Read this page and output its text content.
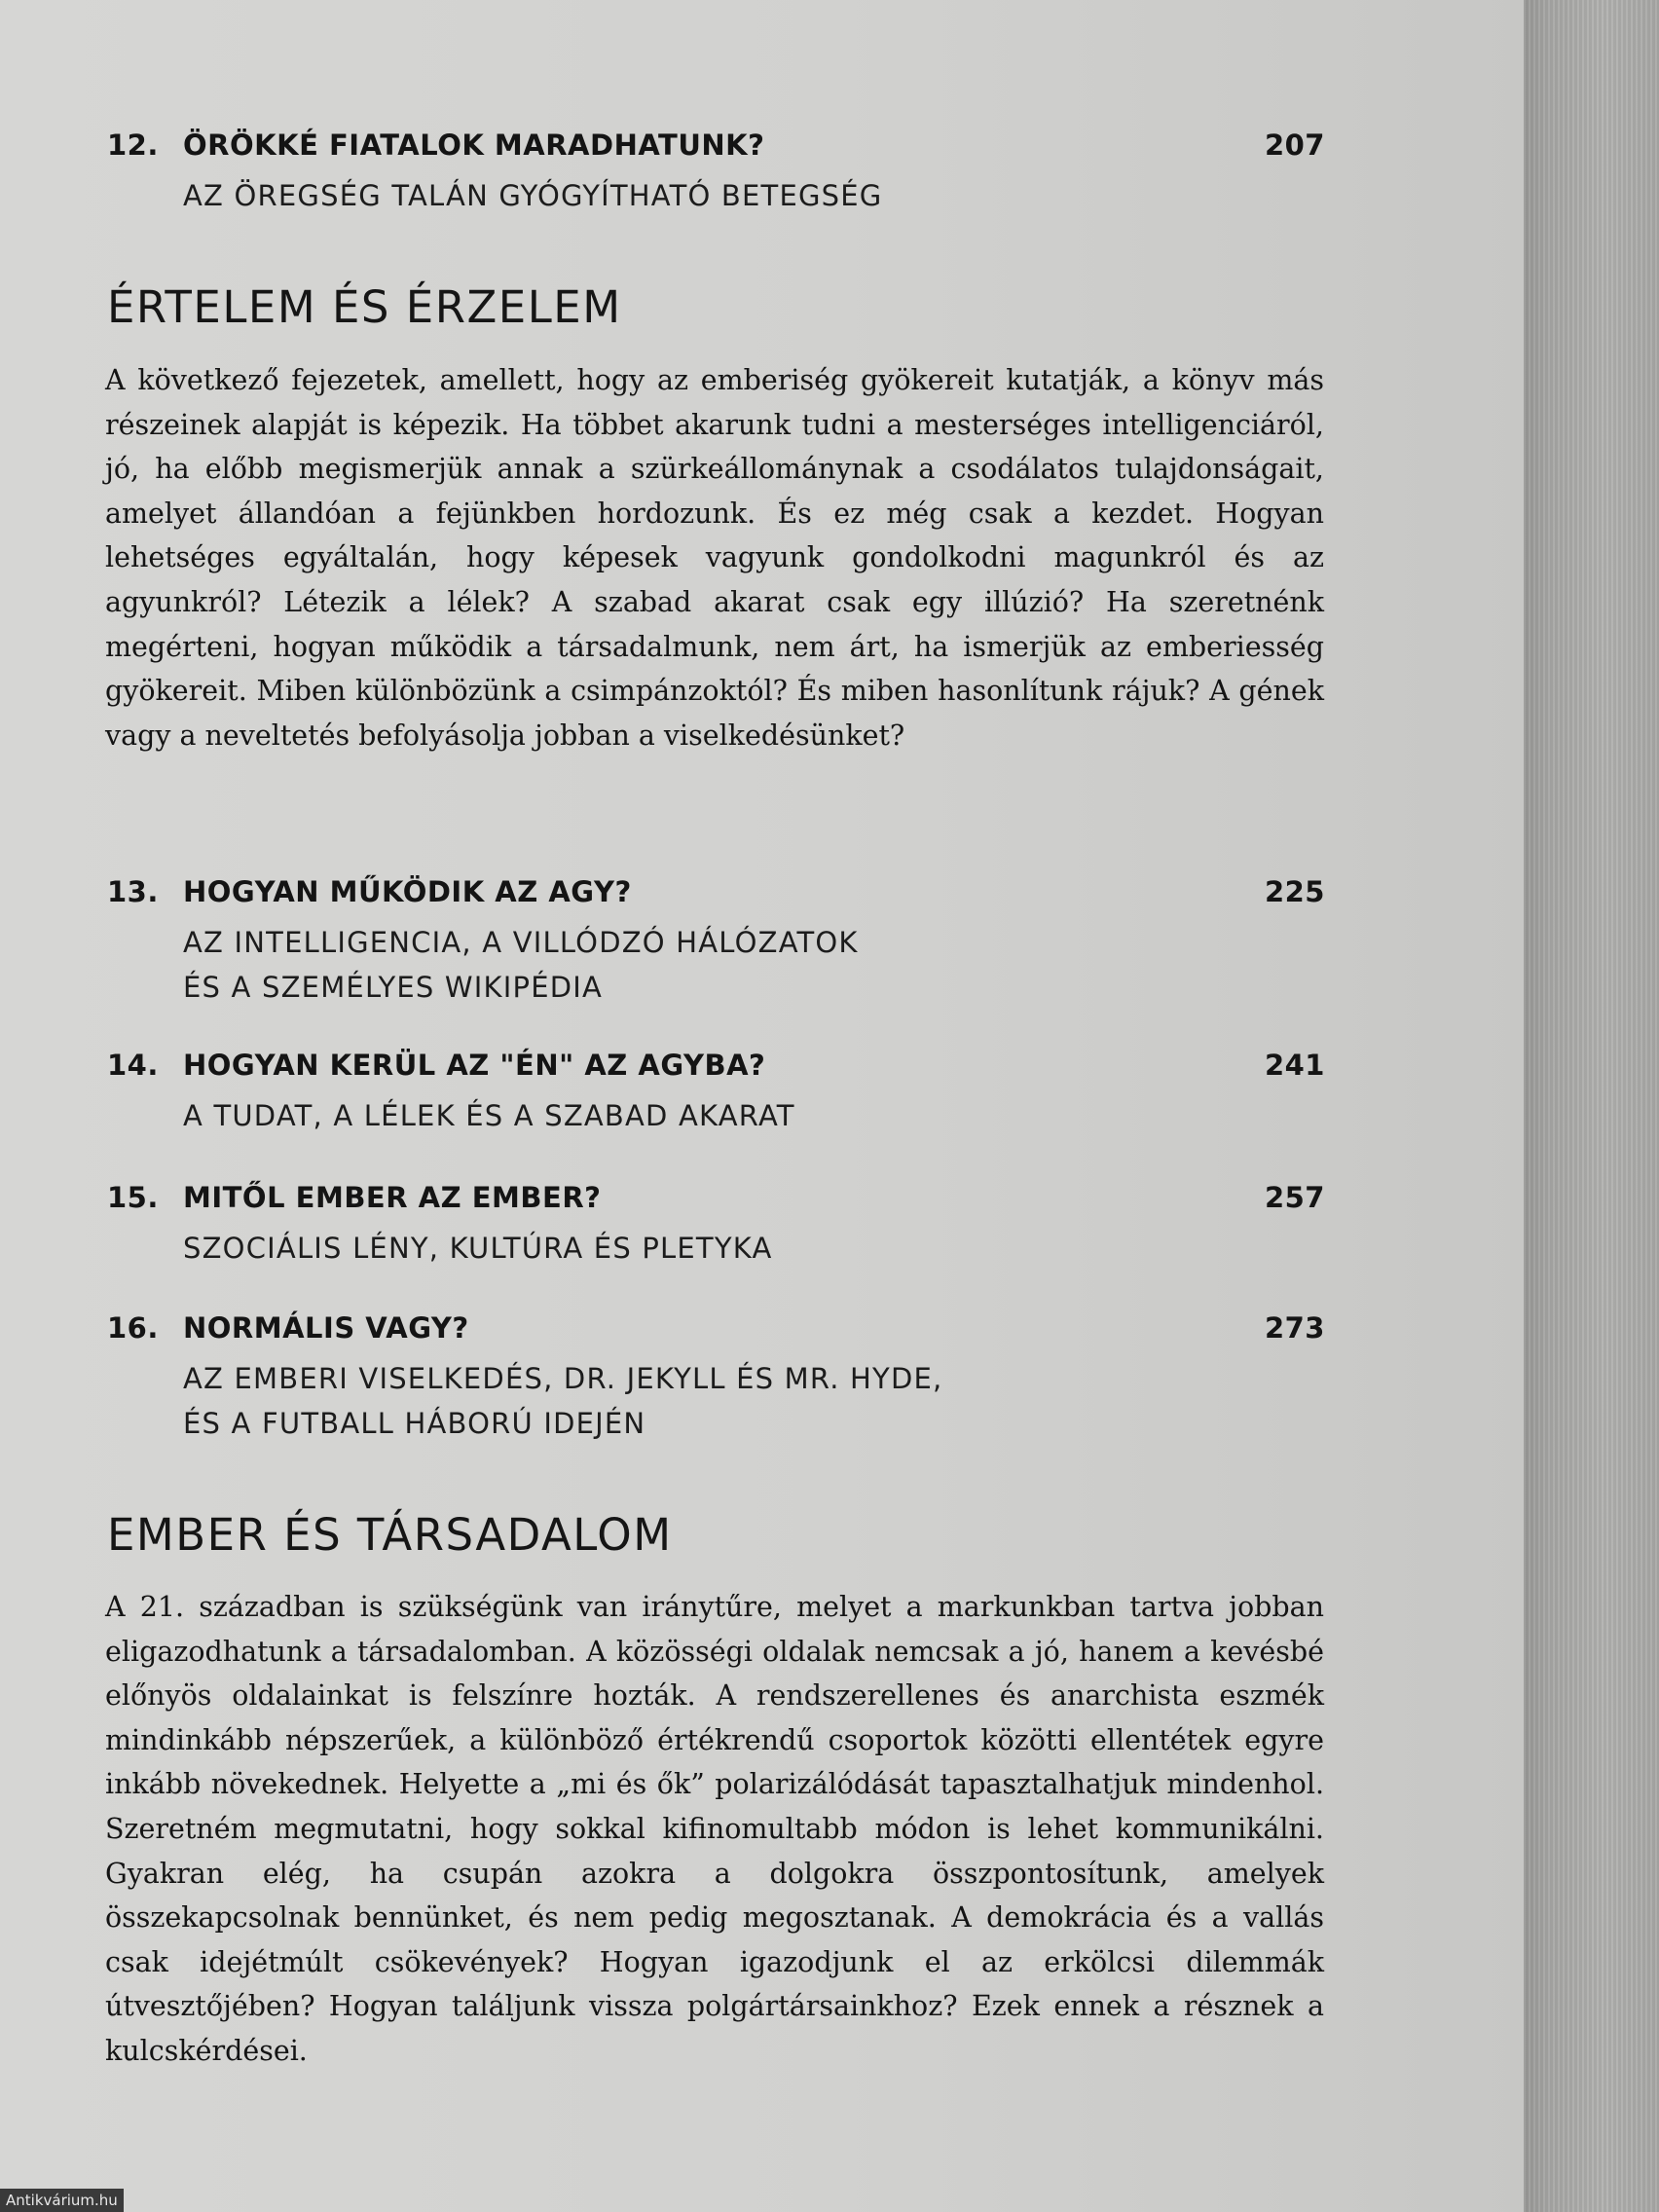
12. ÖRÖKKÉ FIATALOK MARADHATUNK?	207
AZ ÖREGSÉG TALÁN GYÓGYÍTHATÓ BETEGSÉG
ÉRTELEM ÉS ÉRZELEM

A következő fejezetek, amellett, hogy az emberiség gyökereit kutatják, a könyv más részeinek alapját is képezik. Ha többet akarunk tudni a mesterséges intelligenciáról, jó, ha előbb megismerjük annak a szürkeállománynak a csodálatos tulajdonságait, amelyet állandóan a fejünkben hordozunk. És ez még csak a kezdet. Hogyan lehetséges egyáltalán, hogy képesek vagyunk gondolkodni magunkról és az agyunkról? Létezik a lélek? A szabad akarat csak egy illúzió? Ha szeretnénk megérteni, hogyan működik a társadalmunk, nem árt, ha ismerjük az emberiesség gyökereit. Miben különbözünk a csimpánzoktól? És miben hasonlítunk rájuk? A gének vagy a neveltetés befolyásolja jobban a viselkedésünket?

13. HOGYAN MŰKÖDIK AZ AGY?	225
AZ INTELLIGENCIA, A VILLÓDZÓ HÁLÓZATOK
ÉS A SZEMÉLYES WIKIPÉDIA
14. HOGYAN KERÜL AZ "ÉN" AZ AGYBA?	241
A TUDAT, A LÉLEK ÉS A SZABAD AKARAT
15. MITŐL EMBER AZ EMBER?	257
SZOCIÁLIS LÉNY, KULTÚRA ÉS PLETYKA
16. NORMÁLIS VAGY?	273
AZ EMBERI VISELKEDÉS, DR. JEKYLL ÉS MR. HYDE,
ÉS A FUTBALL HÁBORÚ IDEJÉN
EMBER ÉS TÁRSADALOM

A 21. században is szükségünk van iránytűre, melyet a markunkban tartva jobban eligazodhatunk a társadalomban. A közösségi oldalak nemcsak a jó, hanem a kevésbé előnyös oldalainkat is felszínre hozták. A rendszerellenes és anarchista eszmék mindinkább népszerűek, a különböző értékrendű csoportok közötti ellentétek egyre inkább növekednek. Helyette a „mi és ők” polarizálódását tapasztalhatjuk mindenhol. Szeretném megmutatni, hogy sokkal kifinomultabb módon is lehet kommunikálni. Gyakran elég, ha csupán azokra a dolgokra összpontosítunk, amelyek összekapcsolnak bennünket, és nem pedig megosztanak. A demokrácia és a vallás csak idejétmúlt csökevények? Hogyan igazodjunk el az erkölcsi dilemmák útvesztőjében? Hogyan találjunk vissza polgártársainkhoz? Ezek ennek a résznek a kulcskérdései.

Antikvárium.hu
